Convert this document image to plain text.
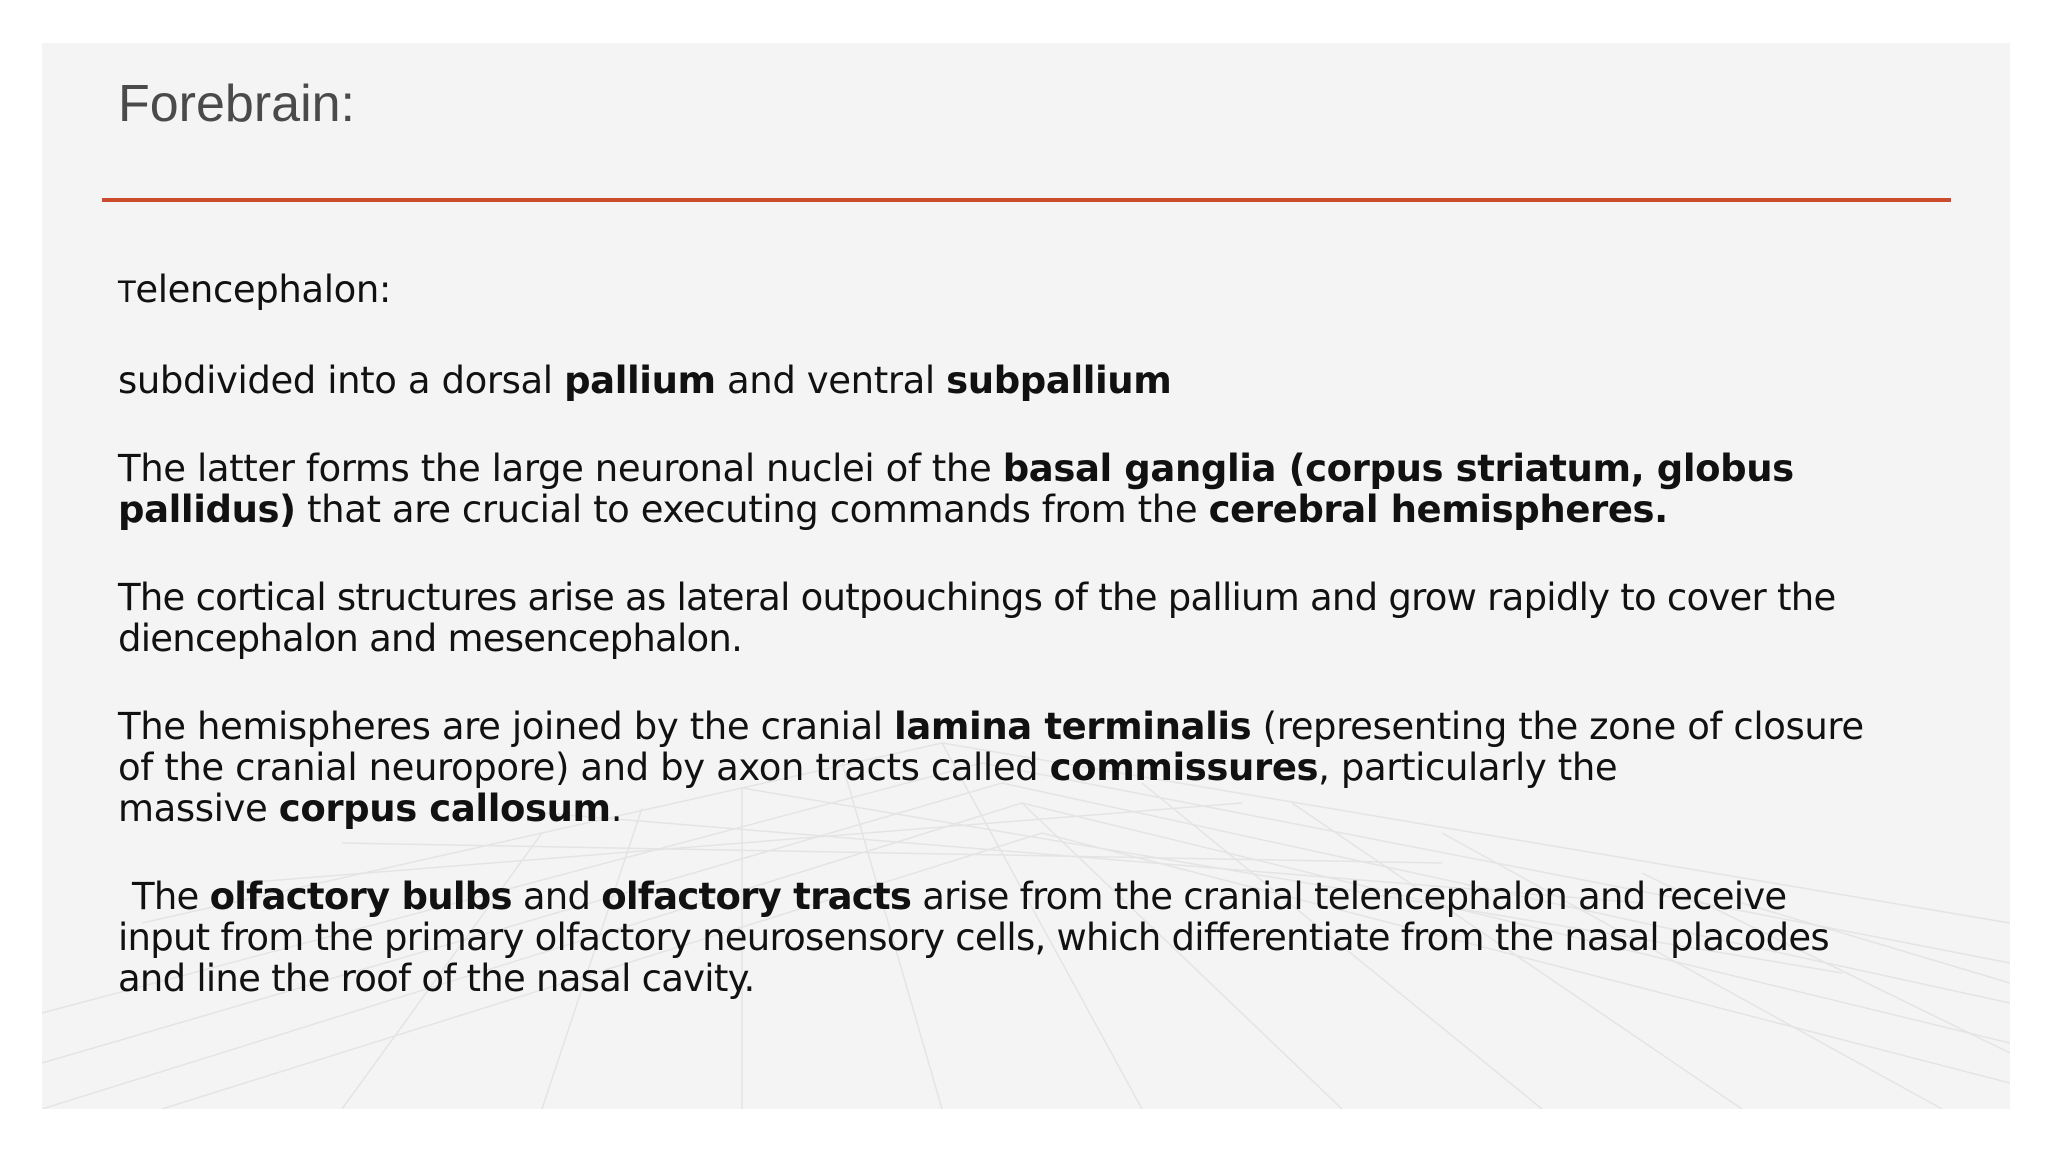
Forebrain:

Telencephalon:

subdivided into a dorsal pallium and ventral subpallium

The latter forms the large neuronal nuclei of the basal ganglia (corpus striatum, globus
pallidus) that are crucial to executing commands from the cerebral hemispheres.

The cortical structures arise as lateral outpouchings of the pallium and grow rapidly to cover the
diencephalon and mesencephalon.

The hemispheres are joined by the cranial lamina terminalis (representing the zone of closure
of the cranial neuropore) and by axon tracts called commissures, particularly the
massive corpus callosum.

The olfactory bulbs and olfactory tracts arise from the cranial telencephalon and receive
input from the primary olfactory neurosensory cells, which differentiate from the nasal placodes
and line the roof of the nasal cavity.
